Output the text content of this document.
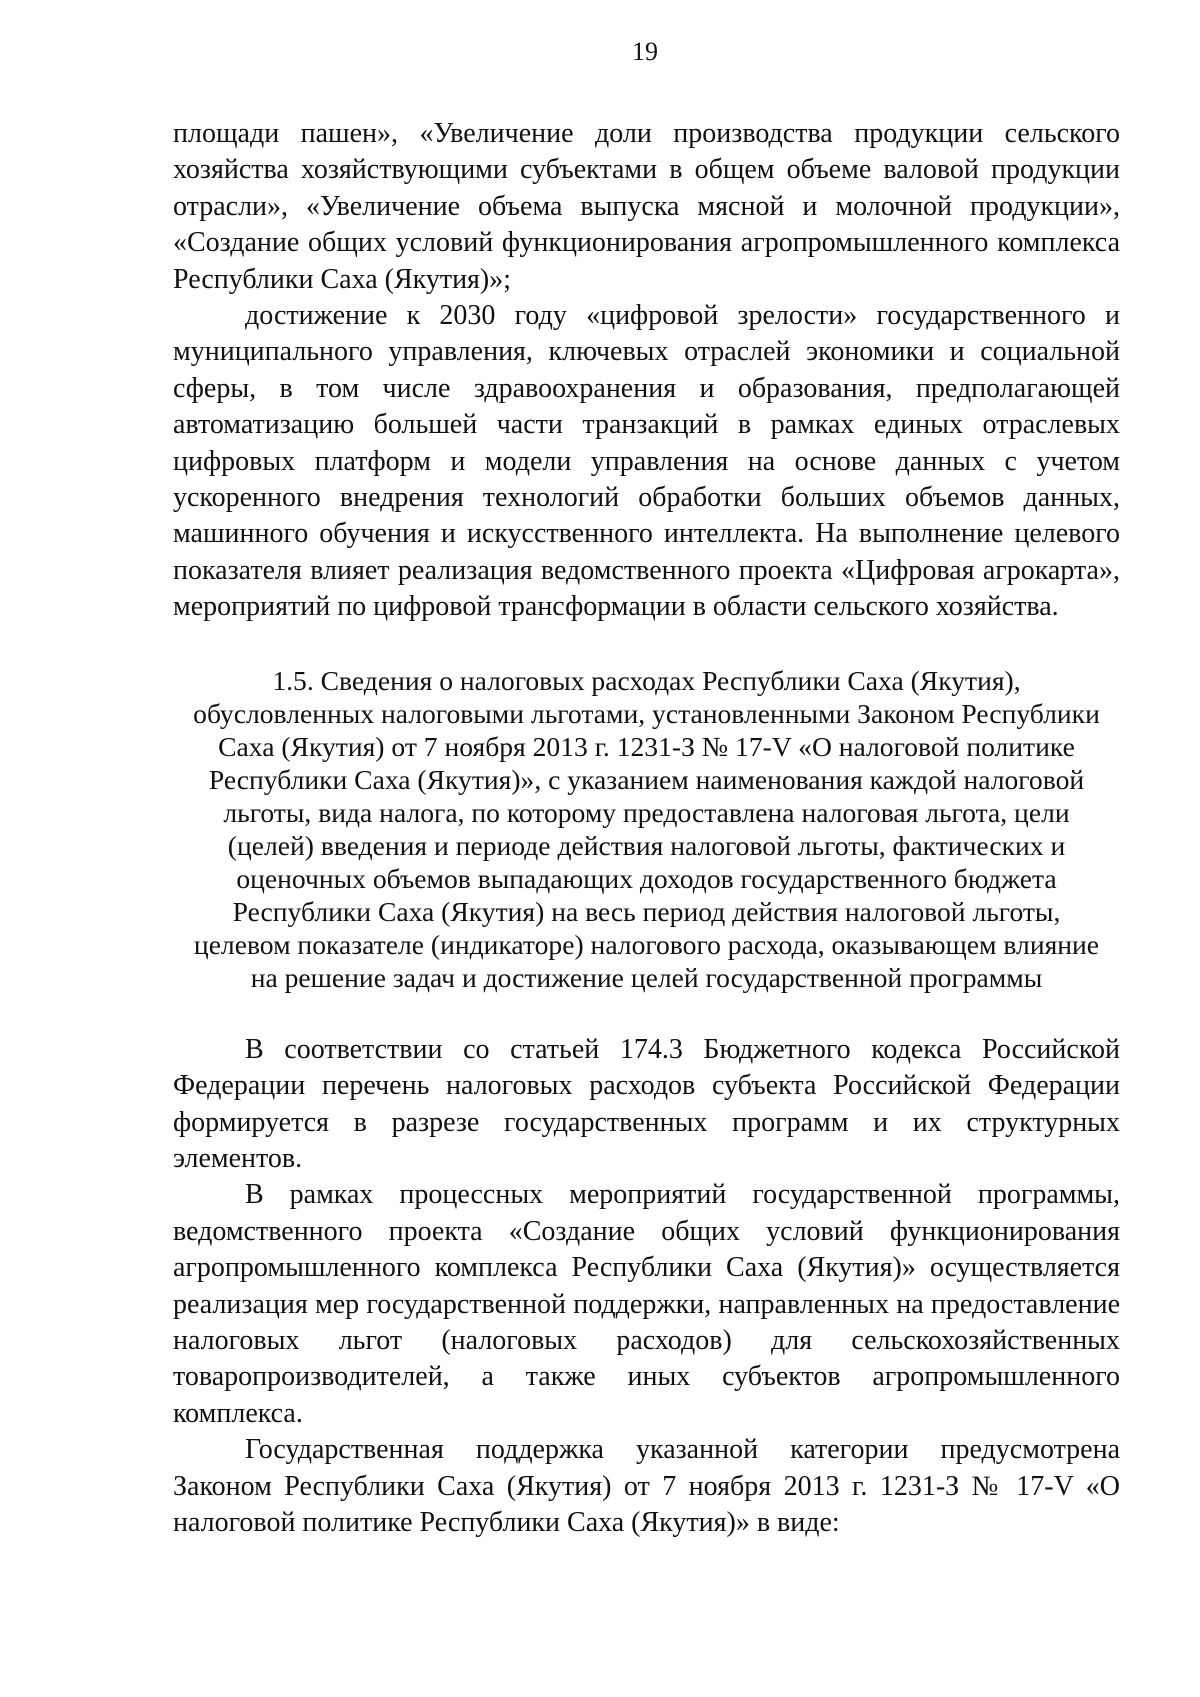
19

площади пашен», «Увеличение доли производства продукции сельского хозяйства хозяйствующими субъектами в общем объеме валовой продукции отрасли», «Увеличение объема выпуска мясной и молочной продукции», «Создание общих условий функционирования агропромышленного комплекса Республики Саха (Якутия)»;

достижение к 2030 году «цифровой зрелости» государственного и муниципального управления, ключевых отраслей экономики и социальной сферы, в том числе здравоохранения и образования, предполагающей автоматизацию большей части транзакций в рамках единых отраслевых цифровых платформ и модели управления на основе данных с учетом ускоренного внедрения технологий обработки больших объемов данных, машинного обучения и искусственного интеллекта. На выполнение целевого показателя влияет реализация ведомственного проекта «Цифровая агрокарта», мероприятий по цифровой трансформации в области сельского хозяйства.

1.5. Сведения о налоговых расходах Республики Саха (Якутия), обусловленных налоговыми льготами, установленными Законом Республики Саха (Якутия) от 7 ноября 2013 г. 1231-З № 17-V «О налоговой политике Республики Саха (Якутия)», с указанием наименования каждой налоговой льготы, вида налога, по которому предоставлена налоговая льгота, цели (целей) введения и периоде действия налоговой льготы, фактических и оценочных объемов выпадающих доходов государственного бюджета Республики Саха (Якутия) на весь период действия налоговой льготы, целевом показателе (индикаторе) налогового расхода, оказывающем влияние на решение задач и достижение целей государственной программы

В соответствии со статьей 174.3 Бюджетного кодекса Российской Федерации перечень налоговых расходов субъекта Российской Федерации формируется в разрезе государственных программ и их структурных элементов.

В рамках процессных мероприятий государственной программы, ведомственного проекта «Создание общих условий функционирования агропромышленного комплекса Республики Саха (Якутия)» осуществляется реализация мер государственной поддержки, направленных на предоставление налоговых льгот (налоговых расходов) для сельскохозяйственных товаропроизводителей, а также иных субъектов агропромышленного комплекса.

Государственная поддержка указанной категории предусмотрена Законом Республики Саха (Якутия) от 7 ноября 2013 г. 1231-З № 17-V «О налоговой политике Республики Саха (Якутия)» в виде:
